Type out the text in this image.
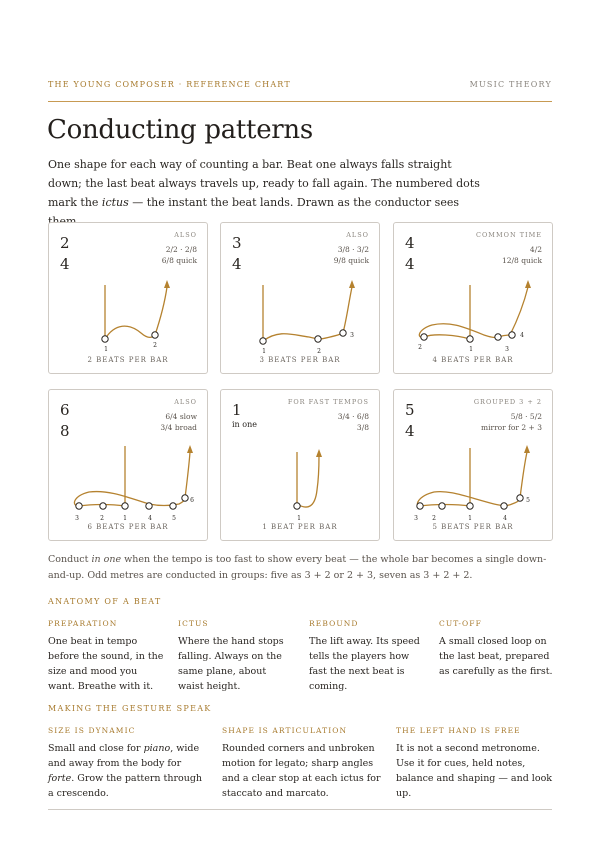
THE YOUNG COMPOSER · REFERENCE CHART	MUSIC THEORY
Conducting patterns
One shape for each way of counting a bar. Beat one always falls straight down; the last beat always travels up, ready to fall again. The numbered dots mark the ictus — the instant the beat lands. Drawn as the conductor sees
2
4
ALSO
2/2 · 2/8
6/8 quick
1
2
2 BEATS PER BAR
3
4
ALSO
3/8 · 3/2
9/8 quick
1	2
3
3 BEATS PER BAR
4
4
COMMON TIME
4/2
12/8 quick
2	1	3
4
4 BEATS PER BAR
6
8
ALSO
6/4 slow
3/4 broad
3	2	1	4	5
6
6 BEATS PER BAR
1
in one
FOR FAST TEMPOS
3/4 · 6/8
3/8
1
1 BEAT PER BAR
5
4
GROUPED 3 + 2
5/8 · 5/2
mirror for 2 + 3
3 2	1	4
5
5 BEATS PER BAR
Conduct in one when the tempo is too fast to show every beat — the whole bar becomes a single down-and-up. Odd metres are conducted in groups: five as 3 + 2 or 2 + 3, seven as 3 + 2 + 2.
ANATOMY OF A BEAT
PREPARATION
One beat in tempo before the sound, in the size and mood you want. Breathe with it.
ICTUS
Where the hand stops falling. Always on the same plane, about waist height.
REBOUND
The lift away. Its speed tells the players how fast the next beat is coming.
CUT-OFF
A small closed loop on the last beat, prepared as carefully as the first.
MAKING THE GESTURE SPEAK
SIZE IS DYNAMIC
Small and close for piano, wide and away from the body for forte. Grow the pattern through a crescendo.
SHAPE IS ARTICULATION
Rounded corners and unbroken motion for legato; sharp angles and a clear stop at each ictus for staccato and marcato.
THE LEFT HAND IS FREE
It is not a second metronome. Use it for cues, held notes, balance and shaping — and look up.
